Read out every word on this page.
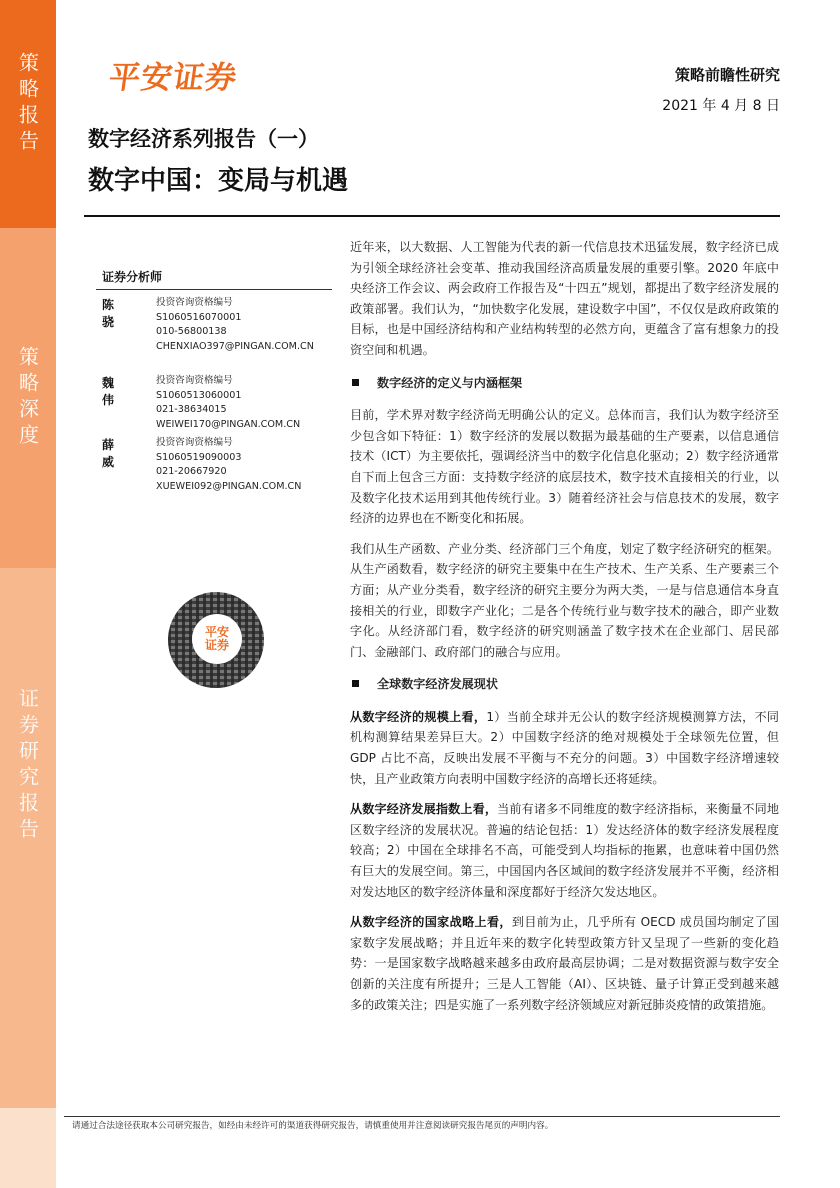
策略报告
策略深度
证券研究报告
平安证券	策略前瞻性研究
2021 年 4 月 8 日
数字经济系列报告（一）
数字中国：变局与机遇
证券分析师
陈骁
投资咨询资格编号
S1060516070001
010-56800138
CHENXIAO397@PINGAN.COM.CN
魏伟
投资咨询资格编号
S1060513060001
021-38634015
WEIWEI170@PINGAN.COM.CN
薛威
投资咨询资格编号
S1060519090003
021-20667920
XUEWEI092@PINGAN.COM.CN
平安证券

近年来，以大数据、人工智能为代表的新一代信息技术迅猛发展，数字经济已成为引领全球经济社会变革、推动我国经济高质量发展的重要引擎。2020 年底中央经济工作会议、两会政府工作报告及“十四五”规划，都提出了数字经济发展的政策部署。我们认为，“加快数字化发展，建设数字中国”，不仅仅是政府政策的目标，也是中国经济结构和产业结构转型的必然方向，更蕴含了富有想象力的投资空间和机遇。

数字经济的定义与内涵框架

目前，学术界对数字经济尚无明确公认的定义。总体而言，我们认为数字经济至少包含如下特征：1）数字经济的发展以数据为最基础的生产要素，以信息通信技术（ICT）为主要依托，强调经济当中的数字化信息化驱动；2）数字经济通常自下而上包含三方面：支持数字经济的底层技术，数字技术直接相关的行业，以及数字化技术运用到其他传统行业。3）随着经济社会与信息技术的发展，数字经济的边界也在不断变化和拓展。

我们从生产函数、产业分类、经济部门三个角度，划定了数字经济研究的框架。从生产函数看，数字经济的研究主要集中在生产技术、生产关系、生产要素三个方面；从产业分类看，数字经济的研究主要分为两大类，一是与信息通信本身直接相关的行业，即数字产业化；二是各个传统行业与数字技术的融合，即产业数字化。从经济部门看，数字经济的研究则涵盖了数字技术在企业部门、居民部门、金融部门、政府部门的融合与应用。

全球数字经济发展现状

从数字经济的规模上看，1）当前全球并无公认的数字经济规模测算方法，不同机构测算结果差异巨大。2）中国数字经济的绝对规模处于全球领先位置，但 GDP 占比不高，反映出发展不平衡与不充分的问题。3）中国数字经济增速较快，且产业政策方向表明中国数字经济的高增长还将延续。

从数字经济发展指数上看，当前有诸多不同维度的数字经济指标，来衡量不同地区数字经济的发展状况。普遍的结论包括：1）发达经济体的数字经济发展程度较高；2）中国在全球排名不高，可能受到人均指标的拖累，也意味着中国仍然有巨大的发展空间。第三，中国国内各区域间的数字经济发展并不平衡，经济相对发达地区的数字经济体量和深度都好于经济欠发达地区。

从数字经济的国家战略上看，到目前为止，几乎所有 OECD 成员国均制定了国家数字发展战略；并且近年来的数字化转型政策方针又呈现了一些新的变化趋势：一是国家数字战略越来越多由政府最高层协调；二是对数据资源与数字安全创新的关注度有所提升；三是人工智能（AI）、区块链、量子计算正受到越来越多的政策关注；四是实施了一系列数字经济领域应对新冠肺炎疫情的政策措施。

请通过合法途径获取本公司研究报告，如经由未经许可的渠道获得研究报告，请慎重使用并注意阅读研究报告尾页的声明内容。
